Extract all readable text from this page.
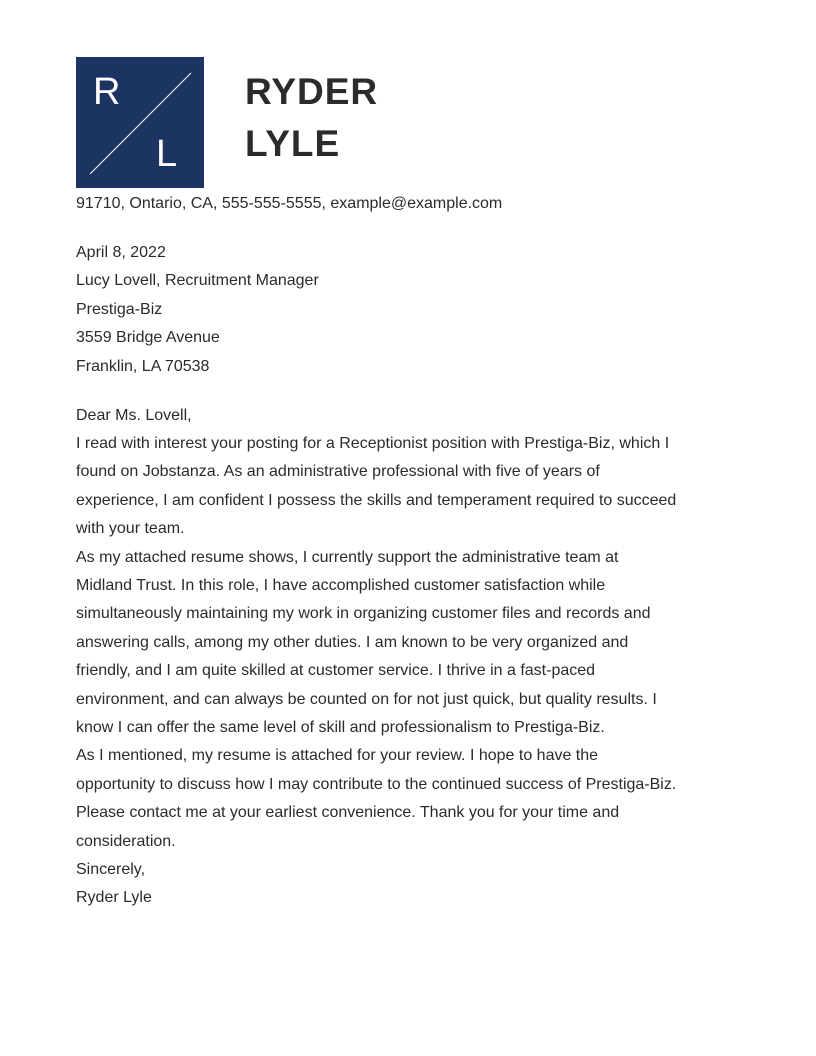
R
L
RYDER
LYLE
91710, Ontario, CA, 555-555-5555, example@example.com
April 8, 2022
Lucy Lovell, Recruitment Manager
Prestiga-Biz
3559 Bridge Avenue
Franklin, LA 70538

Dear Ms. Lovell,

I read with interest your posting for a Receptionist position with Prestiga-Biz, which I
found on Jobstanza. As an administrative professional with five of years of
experience, I am confident I possess the skills and temperament required to succeed
with your team.

As my attached resume shows, I currently support the administrative team at
Midland Trust. In this role, I have accomplished customer satisfaction while
simultaneously maintaining my work in organizing customer files and records and
answering calls, among my other duties. I am known to be very organized and
friendly, and I am quite skilled at customer service. I thrive in a fast-paced
environment, and can always be counted on for not just quick, but quality results. I
know I can offer the same level of skill and professionalism to Prestiga-Biz.

As I mentioned, my resume is attached for your review. I hope to have the
opportunity to discuss how I may contribute to the continued success of Prestiga-Biz.
Please contact me at your earliest convenience. Thank you for your time and
consideration.

Sincerely,
Ryder Lyle
